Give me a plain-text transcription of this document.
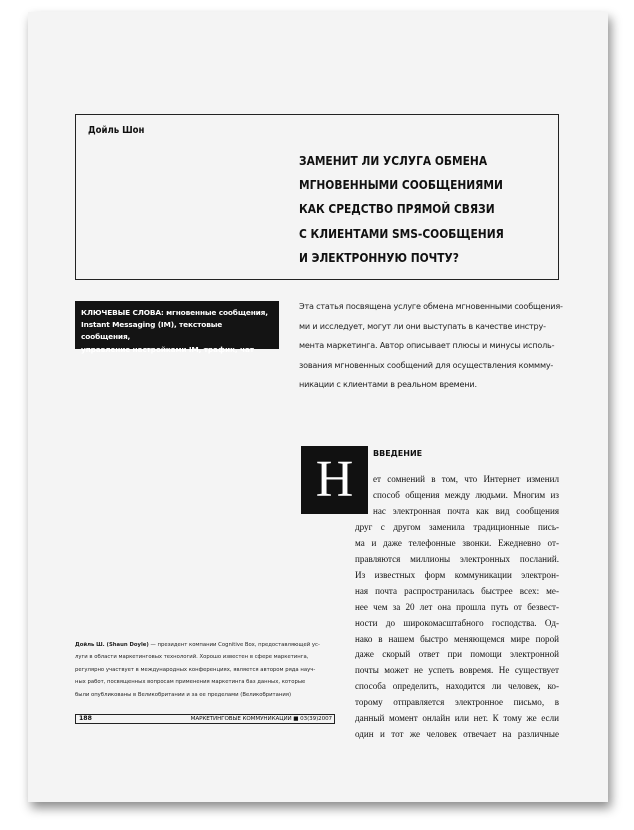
Дойль Шон
ЗАМЕНИТ ЛИ УСЛУГА ОБМЕНА
МГНОВЕННЫМИ СООБЩЕНИЯМИ
КАК СРЕДСТВО ПРЯМОЙ СВЯЗИ
С КЛИЕНТАМИ SMS-СООБЩЕНИЯ
И ЭЛЕКТРОННУЮ ПОЧТУ?
КЛЮЧЕВЫЕ СЛОВА: мгновенные сообщения,
Instant Messaging (IM), текстовые сообщения,
управление настройками IM, трафик, чат

Эта статья посвящена услуге обмена мгновенными сообщения-
ми и исследует, могут ли они выступать в качестве инстру-
мента маркетинга. Автор описывает плюсы и минусы исполь-
зования мгновенных сообщений для осуществления коммму-
никации с клиентами в реальном времени.

Н	ВВЕДЕНИЕ

ет сомнений в том, что Интернет изменил
способ общения между людьми. Многим из
нас электронная почта как вид сообщения
друг с другом заменила традиционные пись-
ма и даже телефонные звонки. Ежедневно от-
правляются миллионы электронных посланий.
Из известных форм коммуникации электрон-
ная почта распространилась быстрее всех: ме-
нее чем за 20 лет она прошла путь от безвест-
ности до широкомасштабного господства. Од-
нако в нашем быстро меняющемся мире порой
даже скорый ответ при помощи электронной
почты может не успеть вовремя. Не существует
способа определить, находится ли человек, ко-
торому отправляется электронное письмо, в
данный момент онлайн или нет. К тому же если
один и тот же человек отвечает на различные

Дойль Ш. (Shaun Doyle) — президент компании Cognitive Box, предоставляющей ус-
луги в области маркетинговых технологий. Хорошо известен в сфере маркетинга,
регулярно участвует в международных конференциях, является автором ряда науч-
ных работ, посвященных вопросам применения маркетинга баз данных, которые
были опубликованы в Великобритании и за ее пределами (Великобритания)

188	МАРКЕТИНГОВЫЕ КОММУНИКАЦИИ ■ 03(39)2007
